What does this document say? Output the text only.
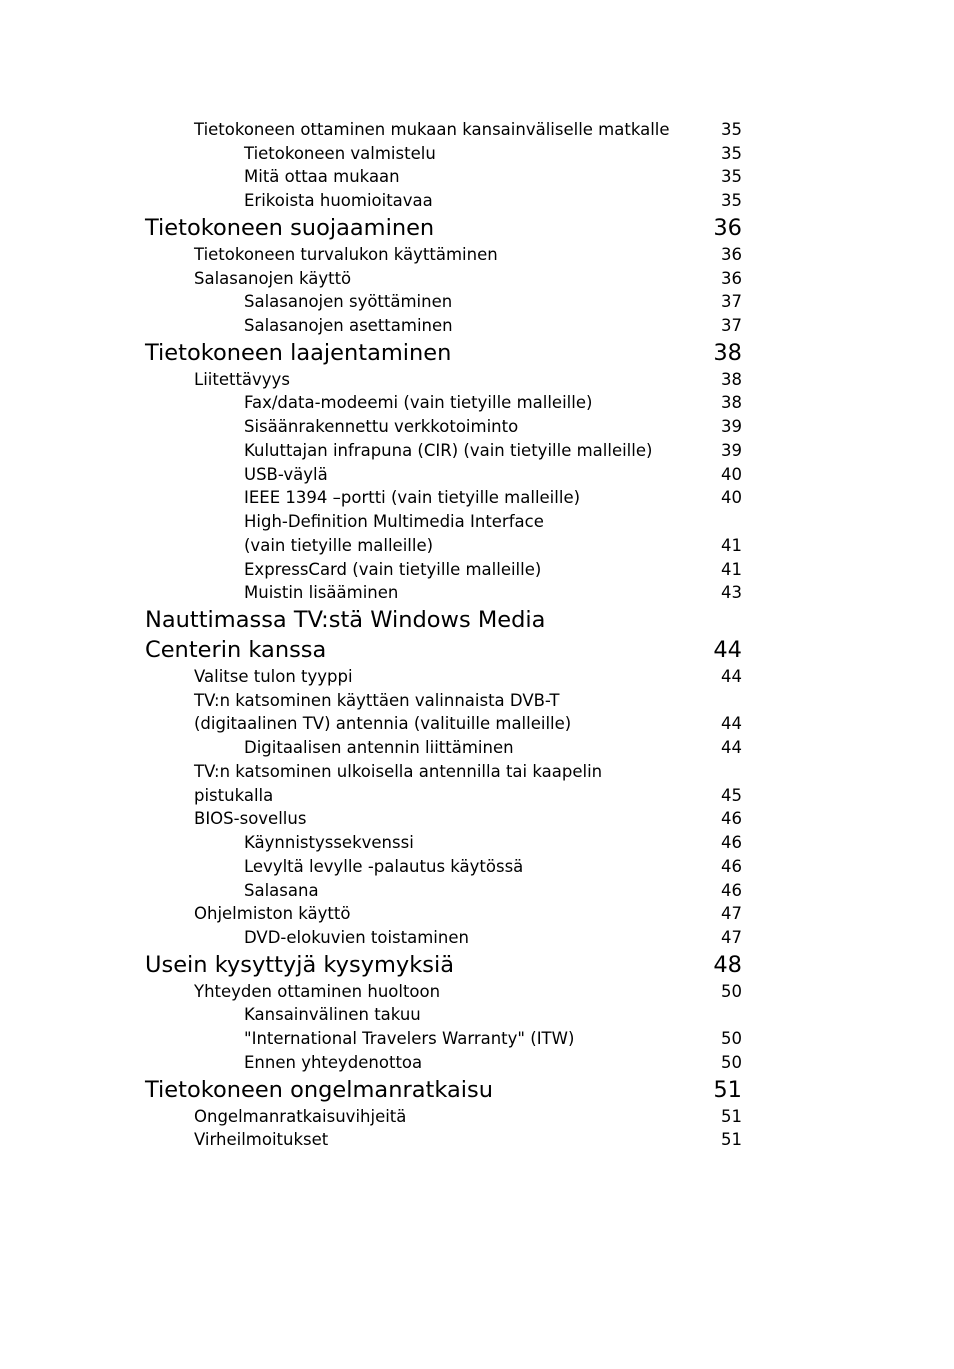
Tietokoneen ottaminen mukaan kansainväliselle matkalle	35
Tietokoneen valmistelu	35
Mitä ottaa mukaan	35
Erikoista huomioitavaa	35
Tietokoneen suojaaminen	36
Tietokoneen turvalukon käyttäminen	36
Salasanojen käyttö	36
Salasanojen syöttäminen	37
Salasanojen asettaminen	37
Tietokoneen laajentaminen	38
Liitettävyys	38
Fax/data-modeemi (vain tietyille malleille)	38
Sisäänrakennettu verkkotoiminto	39
Kuluttajan infrapuna (CIR) (vain tietyille malleille)	39
USB-väylä	40
IEEE 1394 –portti (vain tietyille malleille)	40
High-Definition Multimedia Interface
(vain tietyille malleille)	41
ExpressCard (vain tietyille malleille)	41
Muistin lisääminen	43
Nauttimassa TV:stä Windows Media
Centerin kanssa	44
Valitse tulon tyyppi	44
TV:n katsominen käyttäen valinnaista DVB-T
(digitaalinen TV) antennia (valituille malleille)	44
Digitaalisen antennin liittäminen	44
TV:n katsominen ulkoisella antennilla tai kaapelin
pistukalla	45
BIOS-sovellus	46
Käynnistyssekvenssi	46
Levyltä levylle -palautus käytössä	46
Salasana	46
Ohjelmiston käyttö	47
DVD-elokuvien toistaminen	47
Usein kysyttyjä kysymyksiä	48
Yhteyden ottaminen huoltoon	50
Kansainvälinen takuu
"International Travelers Warranty" (ITW)	50
Ennen yhteydenottoa	50
Tietokoneen ongelmanratkaisu	51
Ongelmanratkaisuvihjeitä	51
Virheilmoitukset	51
